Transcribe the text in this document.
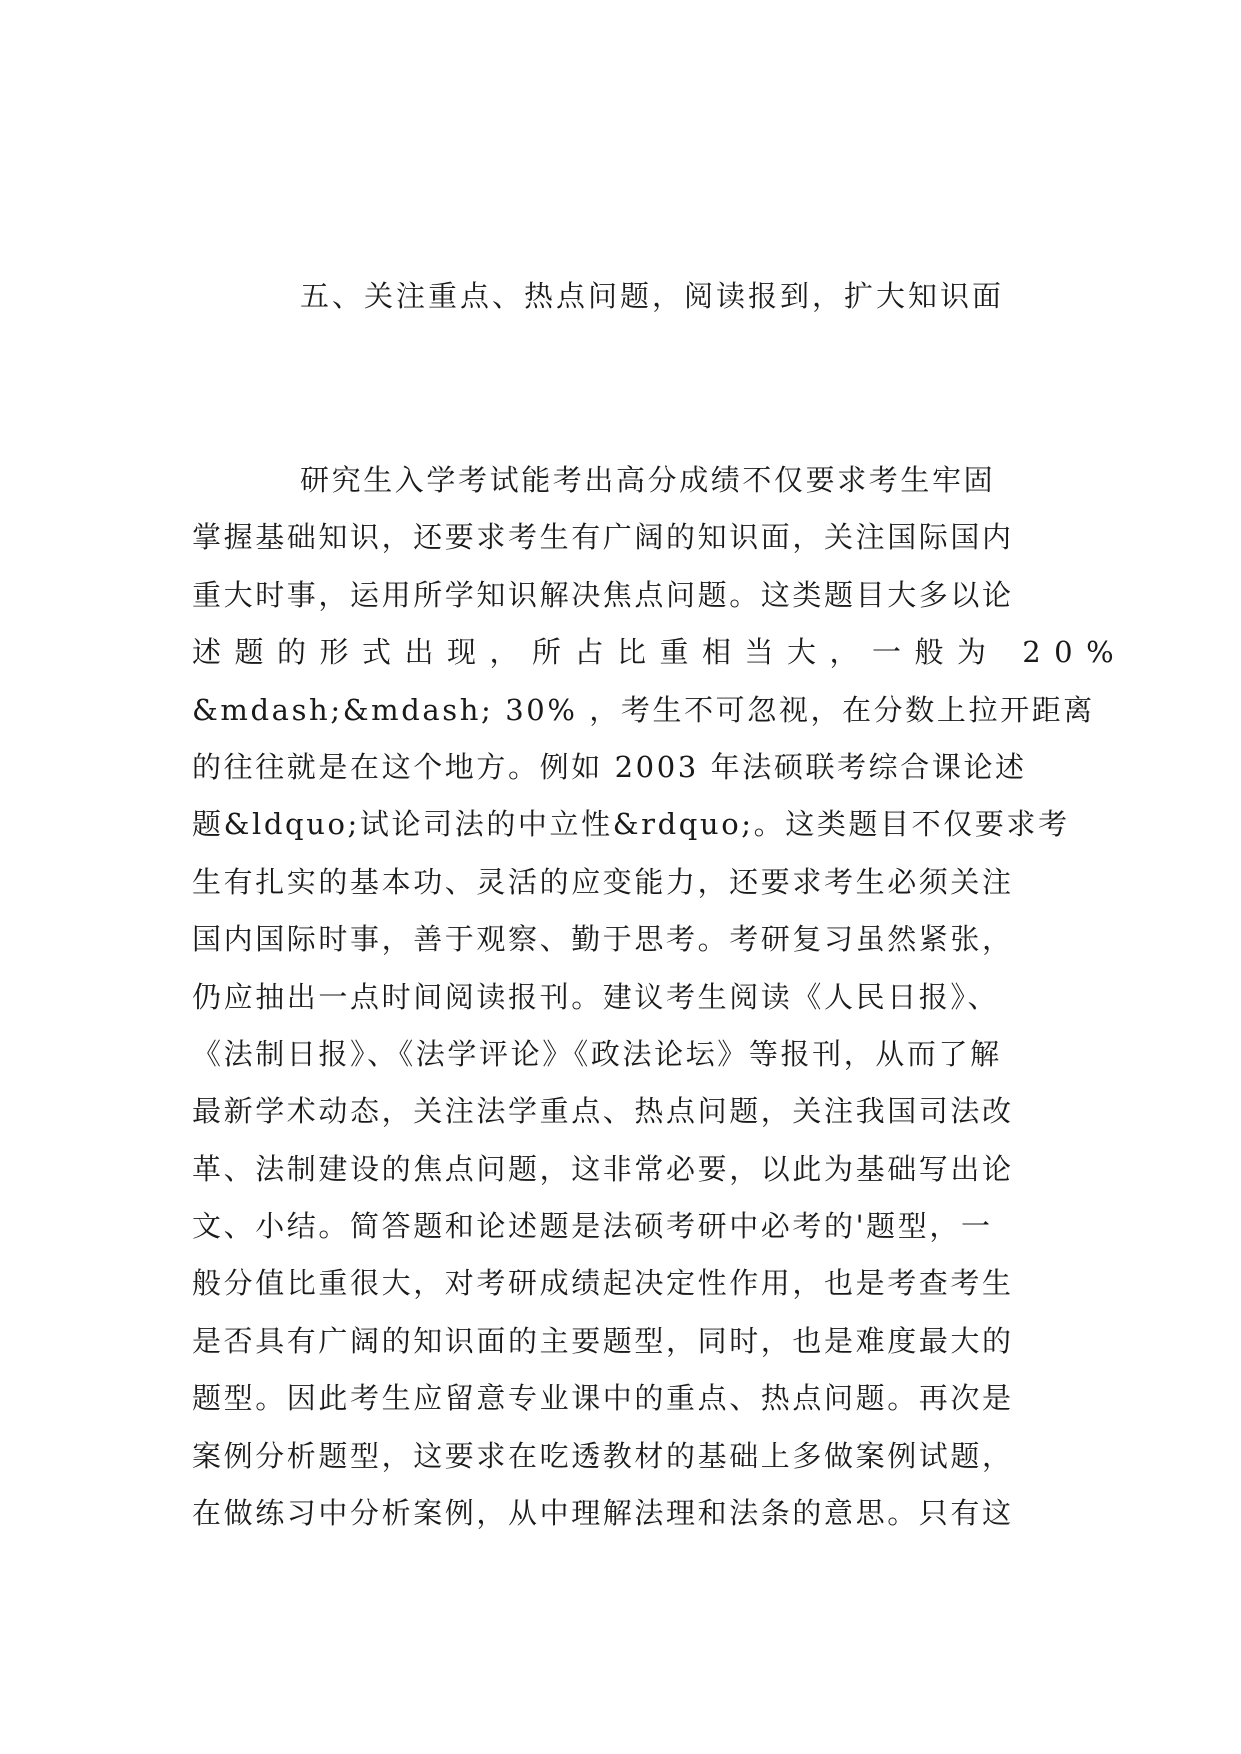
五、关注重点、热点问题，阅读报到，扩大知识面
研究生入学考试能考出高分成绩不仅要求考生牢固
掌握基础知识，还要求考生有广阔的知识面，关注国际国内
重大时事，运用所学知识解决焦点问题。这类题目大多以论
述题的形式出现，所占比重相当大，一般为 20%
&mdash;&mdash; 30% ，考生不可忽视，在分数上拉开距离
的往往就是在这个地方。例如 2003 年法硕联考综合课论述
题&ldquo;试论司法的中立性&rdquo;。这类题目不仅要求考
生有扎实的基本功、灵活的应变能力，还要求考生必须关注
国内国际时事，善于观察、勤于思考。考研复习虽然紧张，
仍应抽出一点时间阅读报刊。建议考生阅读《人民日报》、
《法制日报》、《法学评论》《政法论坛》等报刊，从而了解
最新学术动态，关注法学重点、热点问题，关注我国司法改
革、法制建设的焦点问题，这非常必要，以此为基础写出论
文、小结。简答题和论述题是法硕考研中必考的'题型，一
般分值比重很大，对考研成绩起决定性作用，也是考查考生
是否具有广阔的知识面的主要题型，同时，也是难度最大的
题型。因此考生应留意专业课中的重点、热点问题。再次是
案例分析题型，这要求在吃透教材的基础上多做案例试题，
在做练习中分析案例，从中理解法理和法条的意思。只有这
